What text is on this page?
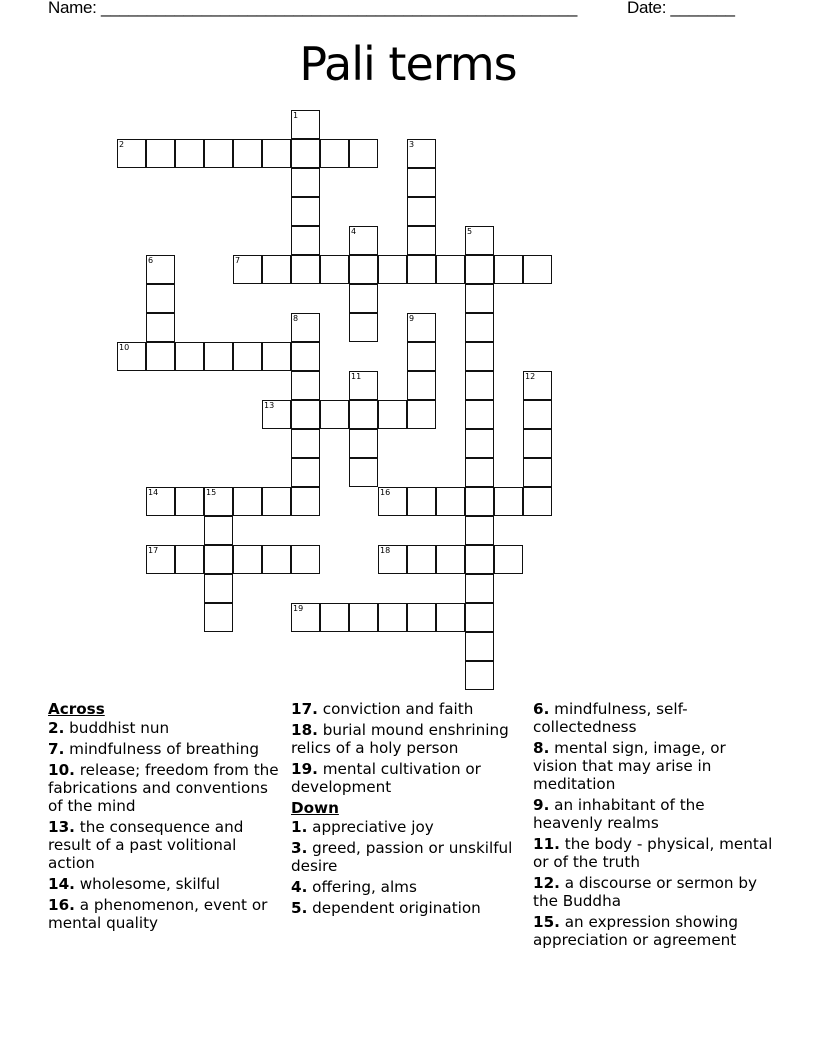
Name: ____________________________________________________	Date: _______
Pali terms
1
2	3
4	5
6	7
8	9
10
11	12
13
14	15	16
17	18
19
Across
2. buddhist nun
7. mindfulness of breathing
10. release; freedom from the fabrications and conventions of the mind
13. the consequence and result of a past volitional action
14. wholesome, skilful
16. a phenomenon, event or mental quality
17. conviction and faith
18. burial mound enshrining relics of a holy person
19. mental cultivation or development
Down
1. appreciative joy
3. greed, passion or unskilful desire
4. offering, alms
5. dependent origination
6. mindfulness, self-collectedness
8. mental sign, image, or vision that may arise in meditation
9. an inhabitant of the heavenly realms
11. the body - physical, mental or of the truth
12. a discourse or sermon by the Buddha
15. an expression showing appreciation or agreement
